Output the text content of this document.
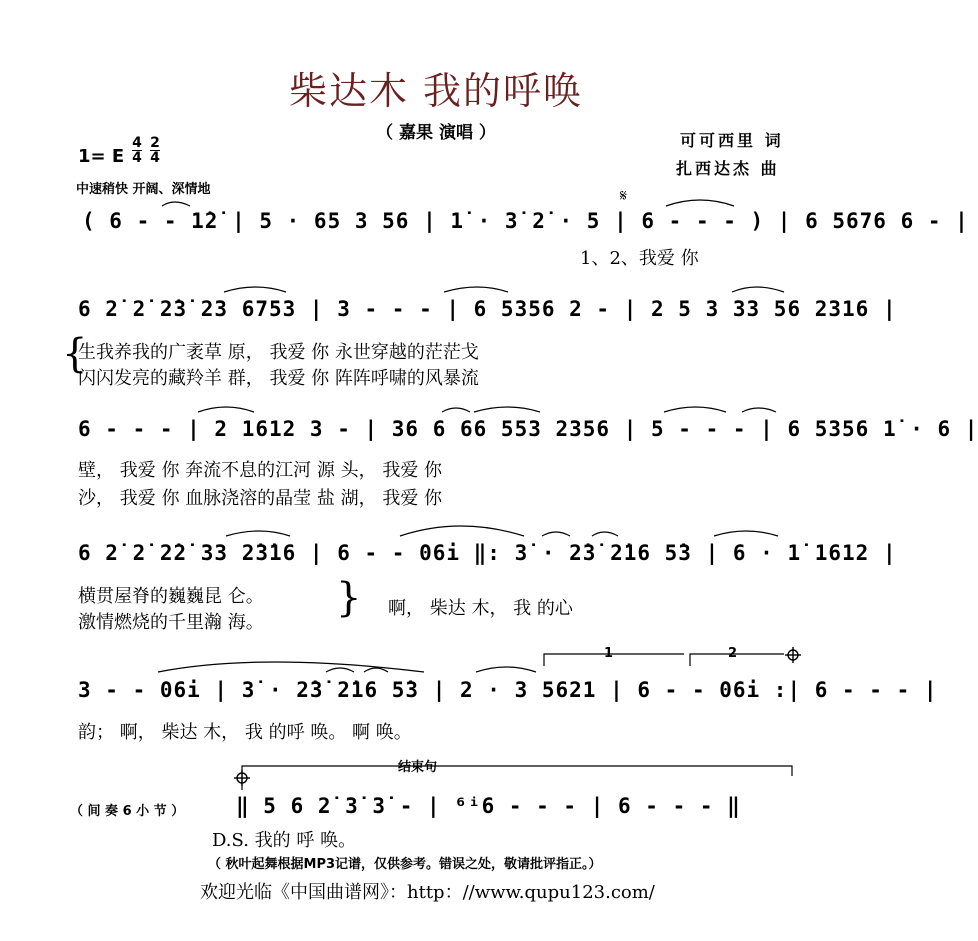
柴达木 我的呼唤
（ 嘉果 演唱 ）	可可西里 词
扎西达杰 曲
1= E
4
4
2
4
中速稍快 开阔、深情地	𝄋
( 6 - - 1̇2̇ | 5 · 65 3 56 | 1̇ · 3̇ 2̇ · 5 | 6 - - - ) | 6 5676 6 - |
1、2、我爱 你
6 2̇ 2̇ 2̇3̇ 23 6753 | 3 - - - | 6 5356 2 - | 2 5 3 33 56 2316 |
{
生我养我的广袤草 原， 我爱 你 永世穿越的茫茫戈
闪闪发亮的藏羚羊 群， 我爱 你 阵阵呼啸的风暴流
6 - - - | 2 1612 3 - | 36 6 66 553 2356 | 5 - - - | 6 5356 1̇ · 6 |
壁， 我爱 你 奔流不息的江河 源 头， 我爱 你
沙， 我爱 你 血脉浇溶的晶莹 盐 湖， 我爱 你
6 2̇ 2̇ 2̇2̇ 33 2̇3̇16 | 6 - - 06i ‖: 3̇ · 2̇3̇ 2̇16 5̇3 | 6 · 1̇ 1612 |
横贯屋脊的巍巍昆 仑。
激情燃烧的千里瀚 海。
} 啊， 柴达 木， 我 的心
1	2
3 - - 06i | 3̇ · 2̇3̇ 2̇16 5̇3 | 2 · 3 5621 | 6 - - 06i :| 6 - - - |
韵； 啊， 柴达 木， 我 的呼 唤。 啊 唤。
结束句
（ 间 奏 6 小 节 ） ‖ 5 6 2̇ 3̇ 3̇ - | ⁶ⁱ6 - - - | 6 - - - ‖
D.S. 我的 呼 唤。
（ 秋叶起舞根据MP3记谱，仅供参考。错误之处，敬请批评指正。）
欢迎光临《中国曲谱网》：http：//www.qupu123.com/
